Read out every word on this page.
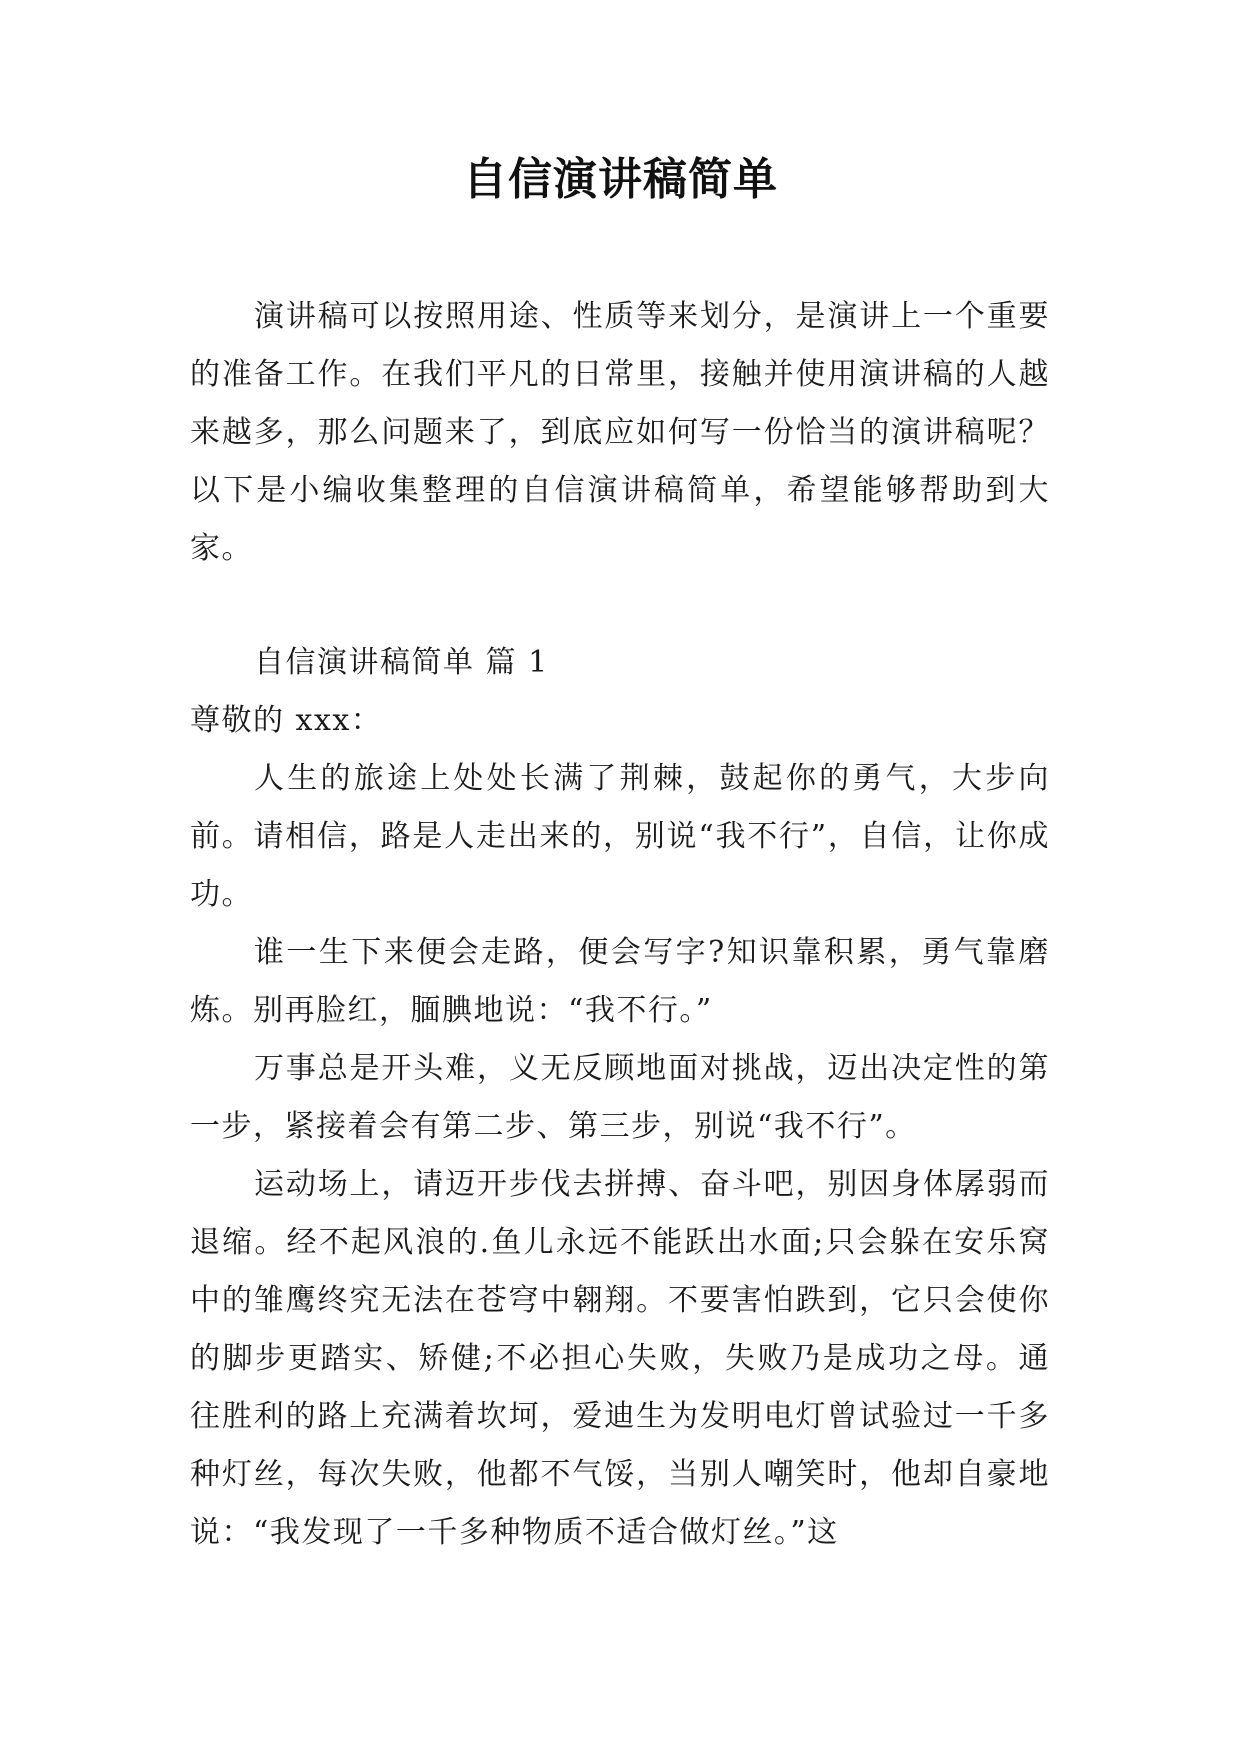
自信演讲稿简单

演讲稿可以按照用途、性质等来划分，是演讲上一个重要的准备工作。在我们平凡的日常里，接触并使用演讲稿的人越来越多，那么问题来了，到底应如何写一份恰当的演讲稿呢？以下是小编收集整理的自信演讲稿简单，希望能够帮助到大家。

自信演讲稿简单 篇 1

尊敬的 xxx：

人生的旅途上处处长满了荆棘，鼓起你的勇气，大步向前。请相信，路是人走出来的，别说“我不行”，自信，让你成功。

谁一生下来便会走路，便会写字?知识靠积累，勇气靠磨炼。别再脸红，腼腆地说：“我不行。”

万事总是开头难，义无反顾地面对挑战，迈出决定性的第一步，紧接着会有第二步、第三步，别说“我不行”。

运动场上，请迈开步伐去拼搏、奋斗吧，别因身体孱弱而退缩。经不起风浪的.鱼儿永远不能跃出水面;只会躲在安乐窝中的雏鹰终究无法在苍穹中翱翔。不要害怕跌到，它只会使你的脚步更踏实、矫健;不必担心失败，失败乃是成功之母。通往胜利的路上充满着坎坷，爱迪生为发明电灯曾试验过一千多种灯丝，每次失败，他都不气馁，当别人嘲笑时，他却自豪地说：“我发现了一千多种物质不适合做灯丝。”这
